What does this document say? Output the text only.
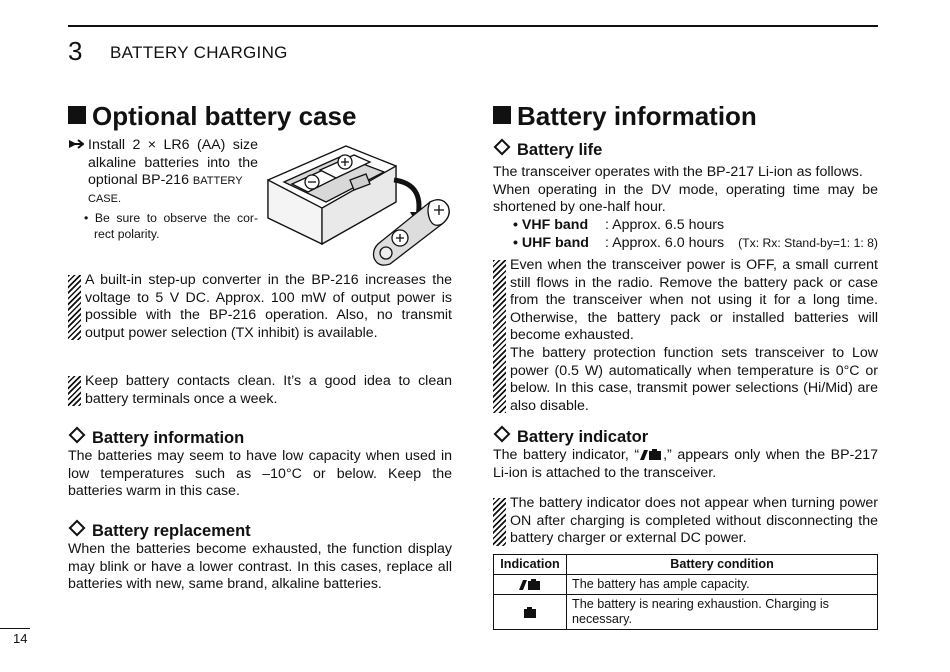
3 BATTERY CHARGING
Optional battery case
Install 2 × LR6 (AA) size
alkaline batteries into the
optional BP-216 BATTERY
CASE.
• Be sure to observe the cor-
rect polarity.
A built-in step-up converter in the BP-216 increases the voltage to 5 V DC. Approx. 100 mW of output power is possible with the BP-216 operation. Also, no transmit output power selection (TX inhibit) is available.
Keep battery contacts clean. It’s a good idea to clean battery terminals once a week.
Battery information
The batteries may seem to have low capacity when used in low temperatures such as –10°C or below. Keep the batteries warm in this case.
Battery replacement
When the batteries become exhausted, the function display may blink or have a lower contrast. In this cases, replace all batteries with new, same brand, alkaline batteries.
Battery information
Battery life
The transceiver operates with the BP-217 Li-ion as follows.
When operating in the DV mode, operating time may be shortened by one-half hour.
• VHF band : Approx. 6.5 hours
• UHF band : Approx. 6.0 hours (Tx: Rx: Stand-by=1: 1: 8)
Even when the transceiver power is OFF, a small current still flows in the radio. Remove the battery pack or case from the transceiver when not using it for a long time. Otherwise, the battery pack or installed batteries will become exhausted.
The battery protection function sets transceiver to Low power (0.5 W) automatically when temperature is 0°C or below. In this case, transmit power selections (Hi/Mid) are also disable.
Battery indicator
The battery indicator, “ ,” appears only when the BP-217 Li-ion is attached to the transceiver.
The battery indicator does not appear when turning power ON after charging is completed without disconnecting the battery charger or external DC power.
Indication	Battery condition
	The battery has ample capacity.
	The battery is nearing exhaustion. Charging is necessary.
14
